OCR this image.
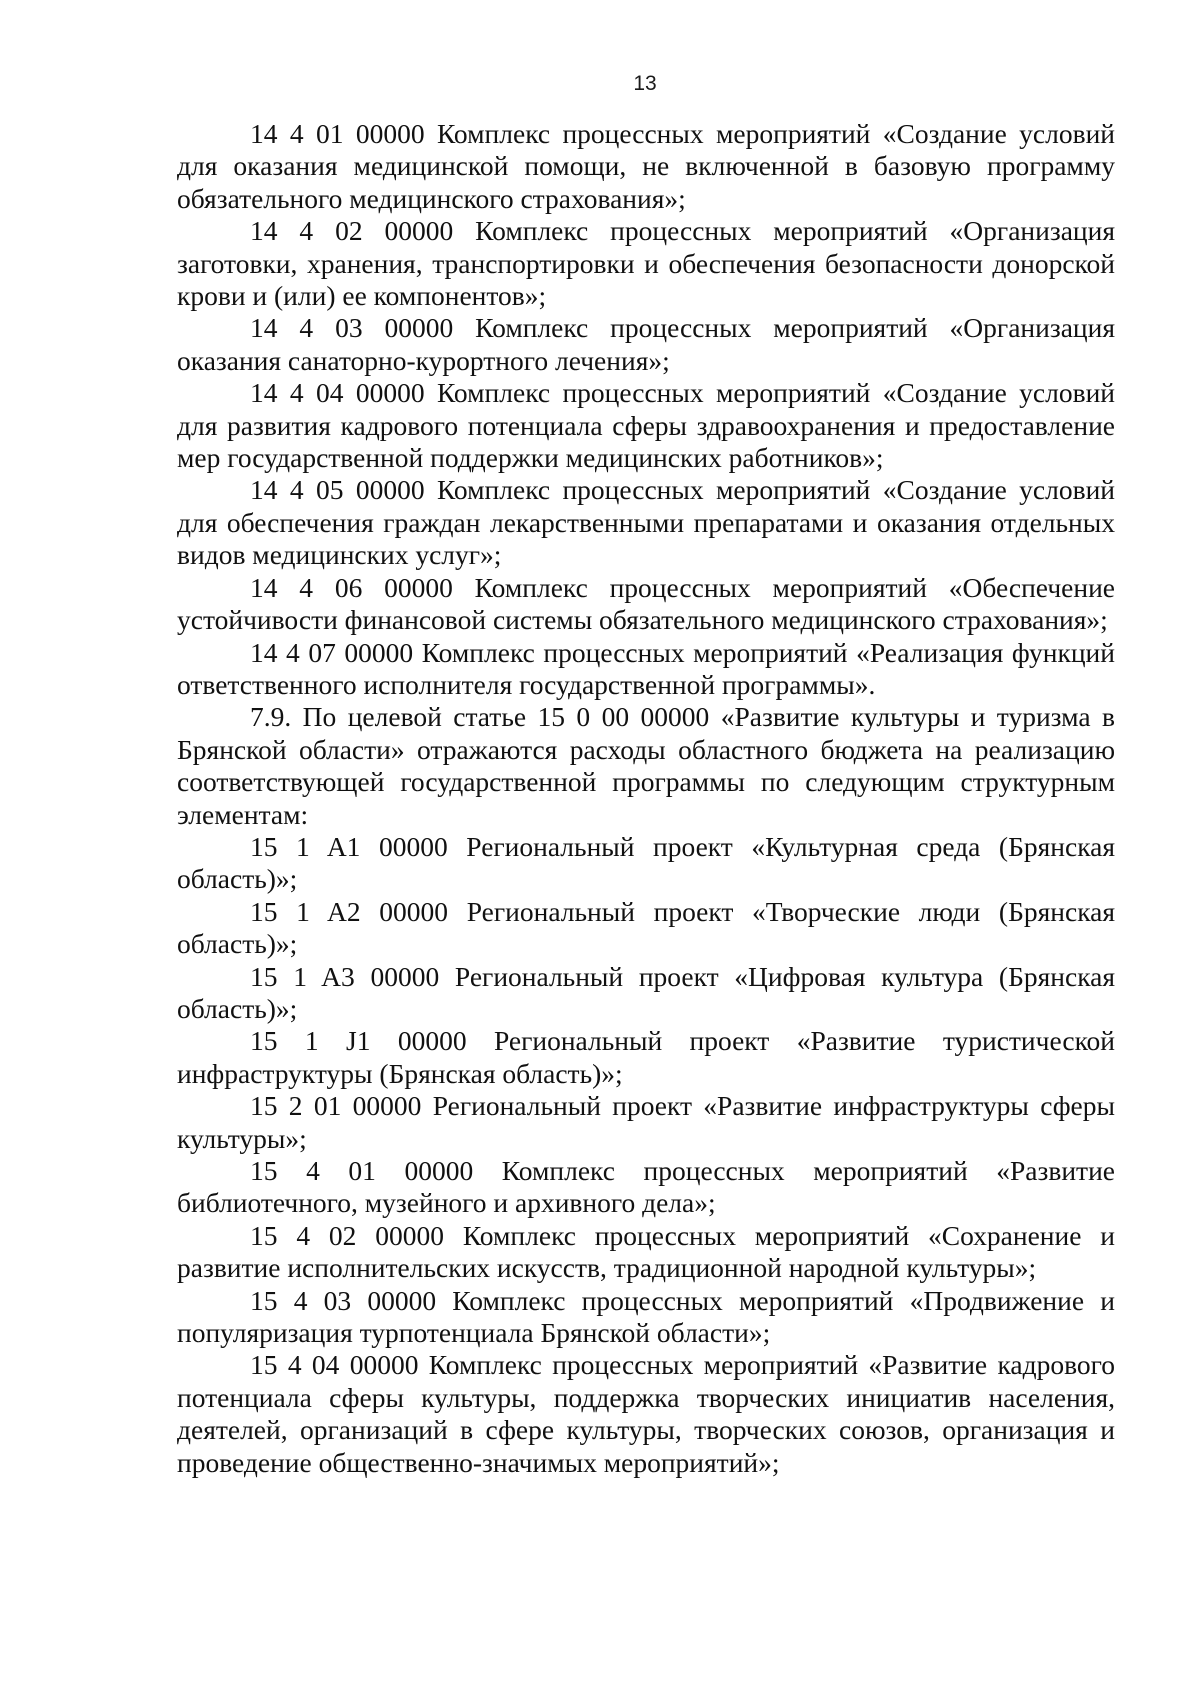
13

14 4 01 00000 Комплекс процессных мероприятий «Создание условий для оказания медицинской помощи, не включенной в базовую программу обязательного медицинского страхования»;

14 4 02 00000 Комплекс процессных мероприятий «Организация заготовки, хранения, транспортировки и обеспечения безопасности донорской крови и (или) ее компонентов»;

14 4 03 00000 Комплекс процессных мероприятий «Организация оказания санаторно-курортного лечения»;

14 4 04 00000 Комплекс процессных мероприятий «Создание условий для развития кадрового потенциала сферы здравоохранения и предоставление мер государственной поддержки медицинских работников»;

14 4 05 00000 Комплекс процессных мероприятий «Создание условий для обеспечения граждан лекарственными препаратами и оказания отдельных видов медицинских услуг»;

14 4 06 00000 Комплекс процессных мероприятий «Обеспечение устойчивости финансовой системы обязательного медицинского страхования»;

14 4 07 00000 Комплекс процессных мероприятий «Реализация функций ответственного исполнителя государственной программы».

7.9. По целевой статье 15 0 00 00000 «Развитие культуры и туризма в Брянской области» отражаются расходы областного бюджета на реализацию соответствующей государственной программы по следующим структурным элементам:

15 1 A1 00000 Региональный проект «Культурная среда (Брянская область)»;

15 1 A2 00000 Региональный проект «Творческие люди (Брянская область)»;

15 1 A3 00000 Региональный проект «Цифровая культура (Брянская область)»;

15 1 J1 00000 Региональный проект «Развитие туристической инфраструктуры (Брянская область)»;

15 2 01 00000 Региональный проект «Развитие инфраструктуры сферы культуры»;

15 4 01 00000 Комплекс процессных мероприятий «Развитие библиотечного, музейного и архивного дела»;

15 4 02 00000 Комплекс процессных мероприятий «Сохранение и развитие исполнительских искусств, традиционной народной культуры»;

15 4 03 00000 Комплекс процессных мероприятий «Продвижение и популяризация турпотенциала Брянской области»;

15 4 04 00000 Комплекс процессных мероприятий «Развитие кадрового потенциала сферы культуры, поддержка творческих инициатив населения, деятелей, организаций в сфере культуры, творческих союзов, организация и проведение общественно-значимых мероприятий»;
